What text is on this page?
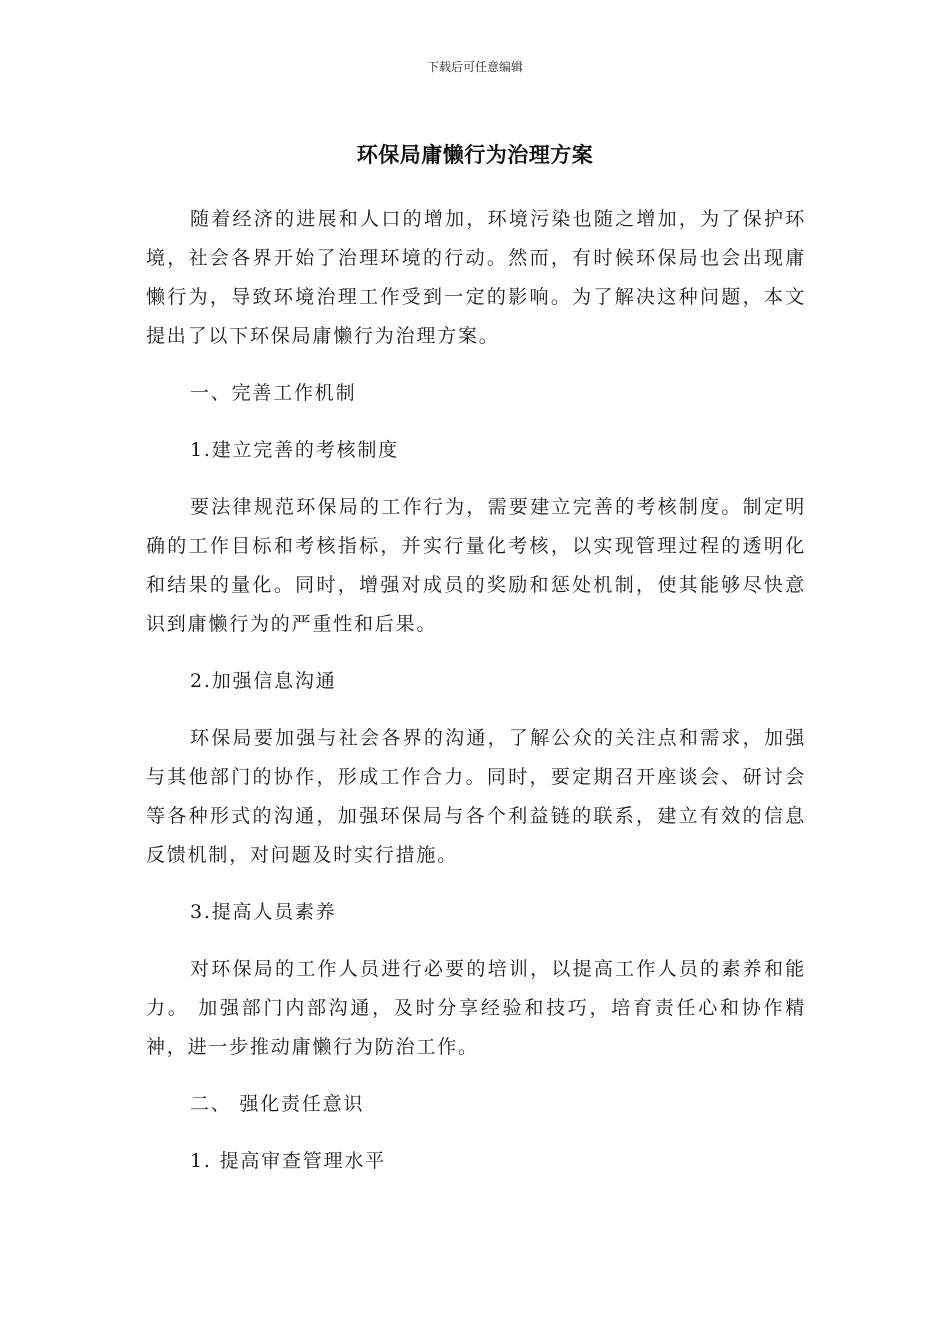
下载后可任意编辑
环保局庸懒行为治理方案

随着经济的进展和人口的增加，环境污染也随之增加，为了保护环境，社会各界开始了治理环境的行动。然而，有时候环保局也会出现庸懒行为，导致环境治理工作受到一定的影响。为了解决这种问题，本文提出了以下环保局庸懒行为治理方案。

一、完善工作机制

1.建立完善的考核制度

要法律规范环保局的工作行为，需要建立完善的考核制度。制定明确的工作目标和考核指标，并实行量化考核，以实现管理过程的透明化和结果的量化。同时，增强对成员的奖励和惩处机制，使其能够尽快意识到庸懒行为的严重性和后果。

2.加强信息沟通

环保局要加强与社会各界的沟通，了解公众的关注点和需求，加强与其他部门的协作，形成工作合力。同时，要定期召开座谈会、研讨会等各种形式的沟通，加强环保局与各个利益链的联系，建立有效的信息反馈机制，对问题及时实行措施。

3.提高人员素养

对环保局的工作人员进行必要的培训，以提高工作人员的素养和能力。 加强部门内部沟通，及时分享经验和技巧，培育责任心和协作精神，进一步推动庸懒行为防治工作。

二、 强化责任意识

1. 提高审查管理水平
